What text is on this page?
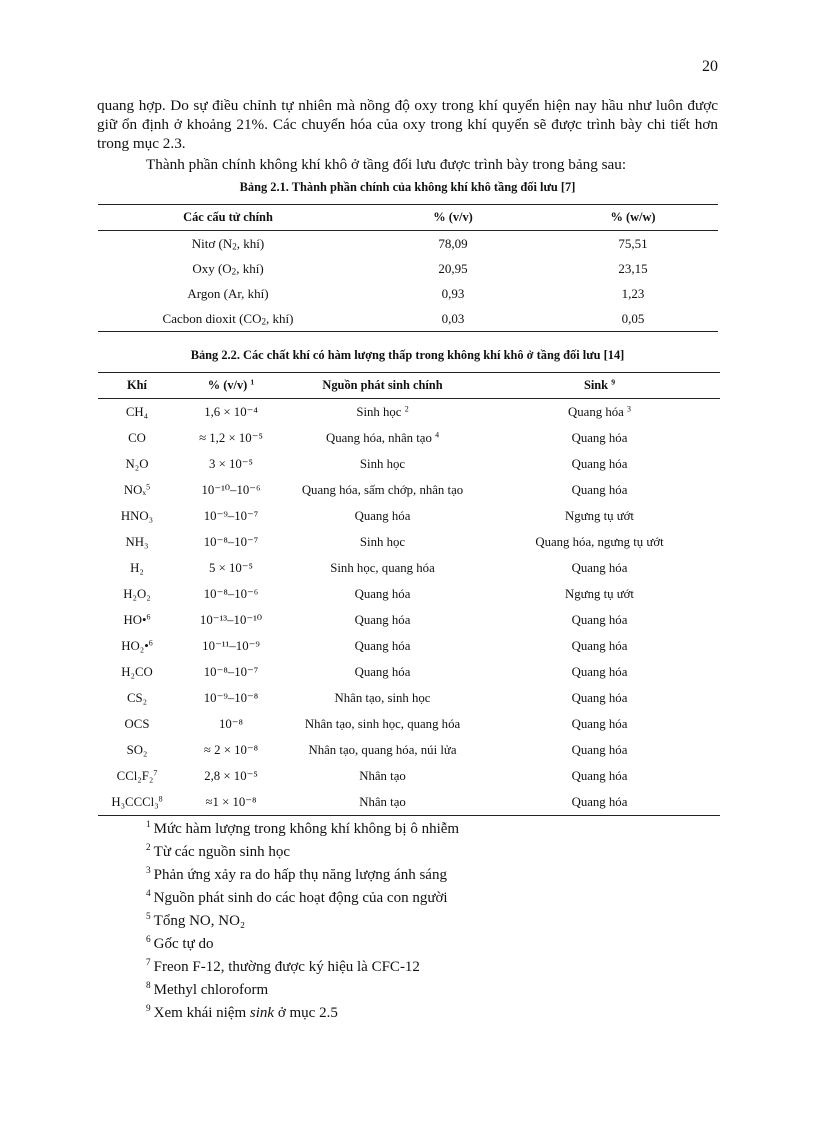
20

quang hợp. Do sự điều chỉnh tự nhiên mà nồng độ oxy trong khí quyển hiện nay hầu như luôn được giữ ổn định ở khoảng 21%. Các chuyển hóa của oxy trong khí quyển sẽ được trình bày chi tiết hơn trong mục 2.3.

Thành phần chính không khí khô ở tầng đối lưu được trình bày trong bảng sau:

Bảng 2.1. Thành phần chính của không khí khô tầng đối lưu [7]

Các cấu tử chính	% (v/v)	% (w/w)
Nitơ ($N_2$, khí)	78,09	75,51
Oxy ($O_2$, khí)	20,95	23,15
Argon (Ar, khí)	0,93	1,23
Cacbon dioxit ($CO_2$, khí)	0,03	0,05

Bảng 2.2. Các chất khí có hàm lượng thấp trong không khí khô ở tầng đối lưu [14]

Khí	% (v/v) $^1$	Nguồn phát sinh chính	Sink $^9$
CH₄	1,6 × 10⁻⁴	Sinh học $^2$	Quang hóa $^3$
CO	≈ 1,2 × 10⁻⁵	Quang hóa, nhân tạo $^4$	Quang hóa
N₂O	3 × 10⁻⁵	Sinh học	Quang hóa
NOₓ$^5$	10⁻¹⁰–10⁻⁶	Quang hóa, sấm chớp, nhân tạo	Quang hóa
HNO₃	10⁻⁹–10⁻⁷	Quang hóa	Ngưng tụ ướt
NH₃	10⁻⁸–10⁻⁷	Sinh học	Quang hóa, ngưng tụ ướt
H₂	5 × 10⁻⁵	Sinh học, quang hóa	Quang hóa
H₂O₂	10⁻⁸–10⁻⁶	Quang hóa	Ngưng tụ ướt
HO•$^6$	10⁻¹³–10⁻¹⁰	Quang hóa	Quang hóa
HO₂•$^6$	10⁻¹¹–10⁻⁹	Quang hóa	Quang hóa
H₂CO	10⁻⁸–10⁻⁷	Quang hóa	Quang hóa
CS₂	10⁻⁹–10⁻⁸	Nhân tạo, sinh học	Quang hóa
OCS	10⁻⁸	Nhân tạo, sinh học, quang hóa	Quang hóa
SO₂	≈ 2 × 10⁻⁸	Nhân tạo, quang hóa, núi lửa	Quang hóa
CCl₂F₂$^7$	2,8 × 10⁻⁵	Nhân tạo	Quang hóa
H₃CCCl₃$^8$	≈1 × 10⁻⁸	Nhân tạo	Quang hóa
$^1$ Mức hàm lượng trong không khí không bị ô nhiễm
$^2$ Từ các nguồn sinh học
$^3$ Phản ứng xảy ra do hấp thụ năng lượng ánh sáng
$^4$ Nguồn phát sinh do các hoạt động của con người
$^5$ Tổng NO, NO₂
$^6$ Gốc tự do
$^7$ Freon F-12, thường được ký hiệu là CFC-12
$^8$ Methyl chloroform
$^9$ Xem khái niệm sink ở mục 2.5
